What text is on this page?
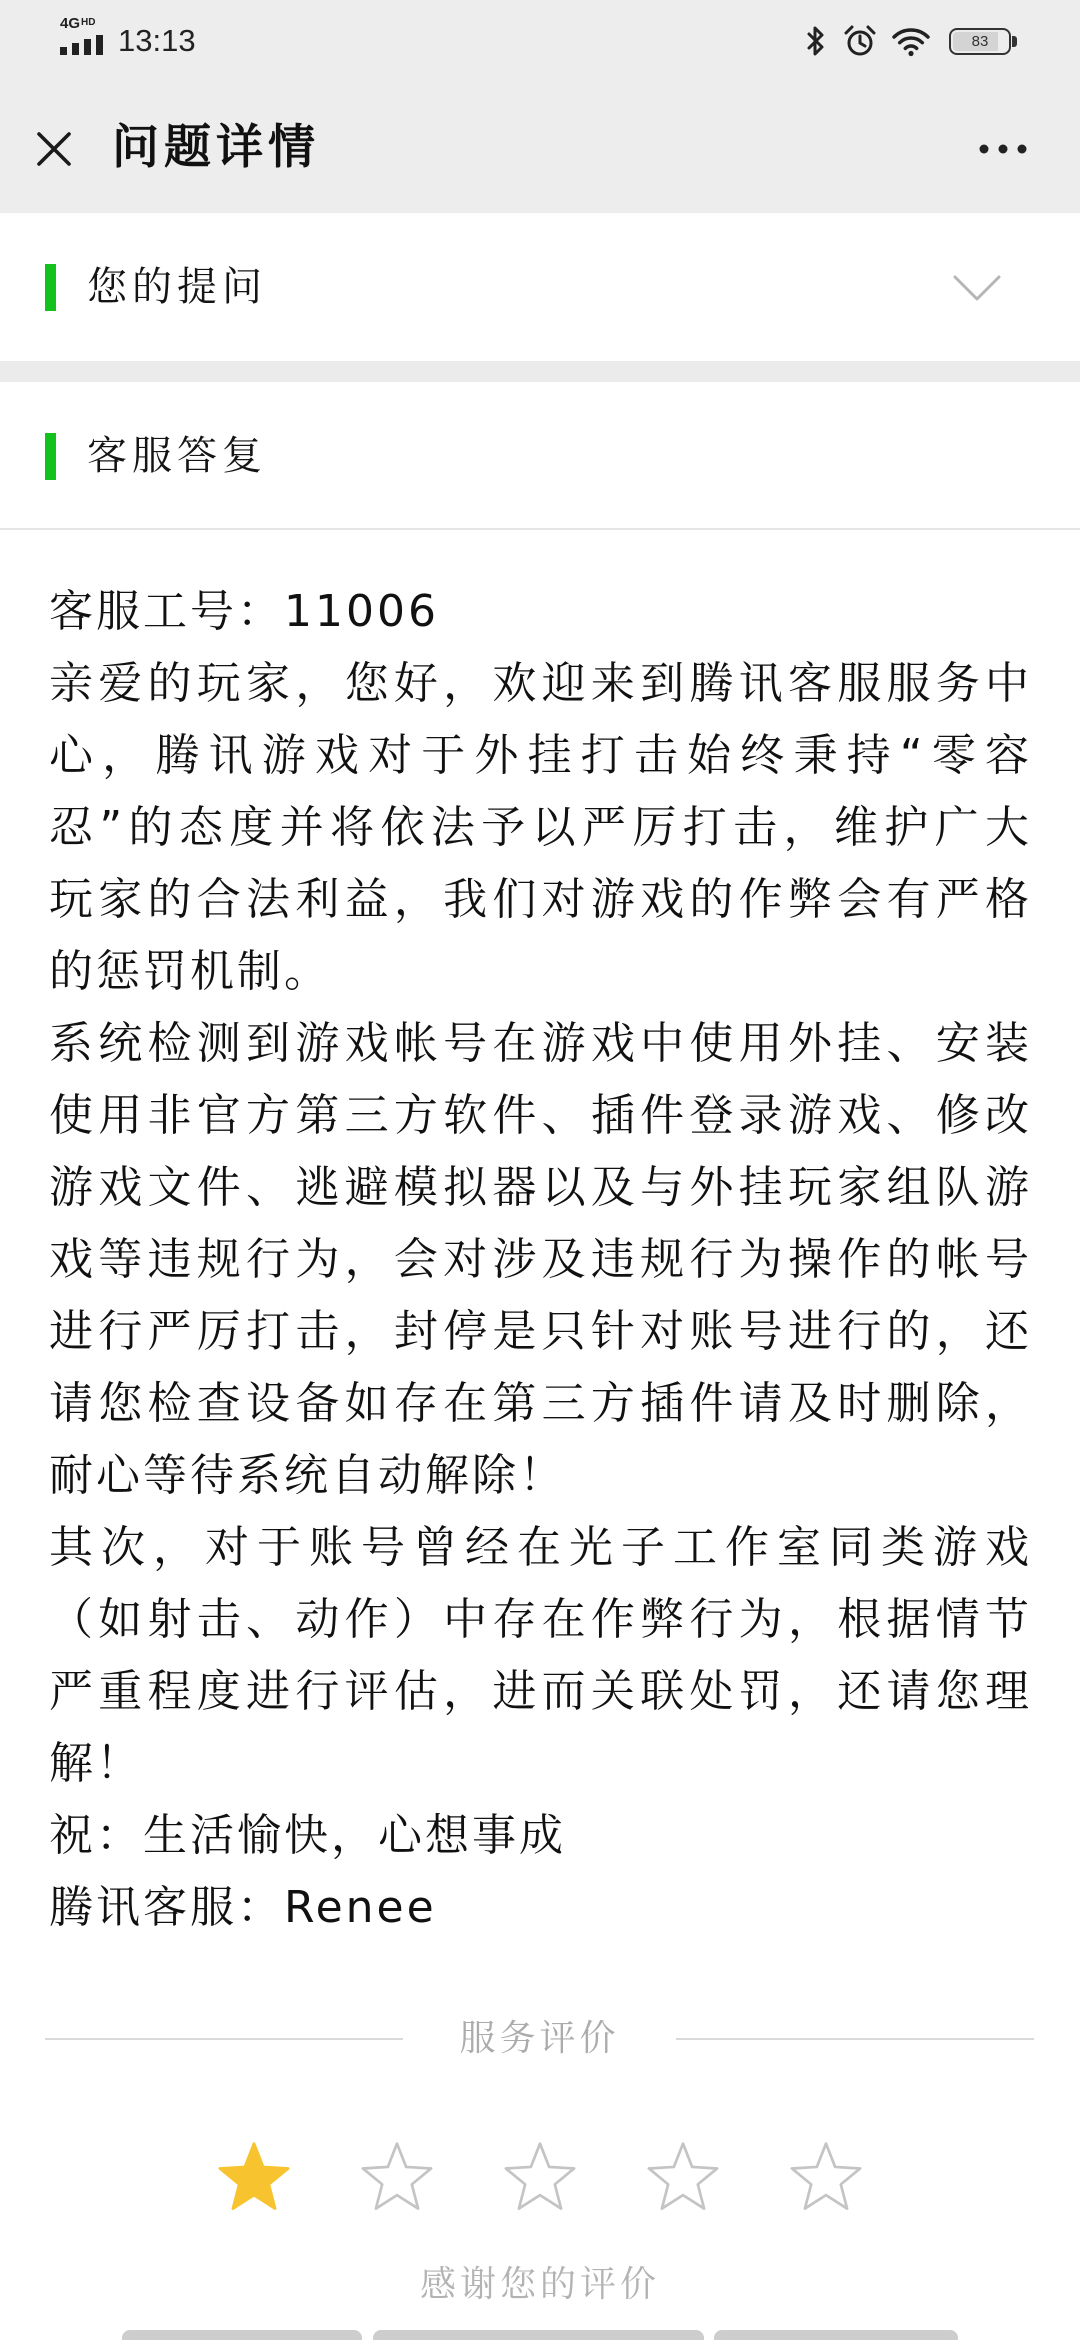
4GHD
13:13	83
问题详情
您的提问
客服答复
客服工号：11006
亲爱的玩家，您好，欢迎来到腾讯客服服务中
心，腾讯游戏对于外挂打击始终秉持“零容
忍”的态度并将依法予以严厉打击，维护广大
玩家的合法利益，我们对游戏的作弊会有严格
的惩罚机制。
系统检测到游戏帐号在游戏中使用外挂、安装
使用非官方第三方软件、插件登录游戏、修改
游戏文件、逃避模拟器以及与外挂玩家组队游
戏等违规行为，会对涉及违规行为操作的帐号
进行严厉打击，封停是只针对账号进行的，还
请您检查设备如存在第三方插件请及时删除，
耐心等待系统自动解除！
其次，对于账号曾经在光子工作室同类游戏
（如射击、动作）中存在作弊行为，根据情节
严重程度进行评估，进而关联处罚，还请您理
解！
祝：生活愉快，心想事成
腾讯客服：Renee
服务评价
感谢您的评价
